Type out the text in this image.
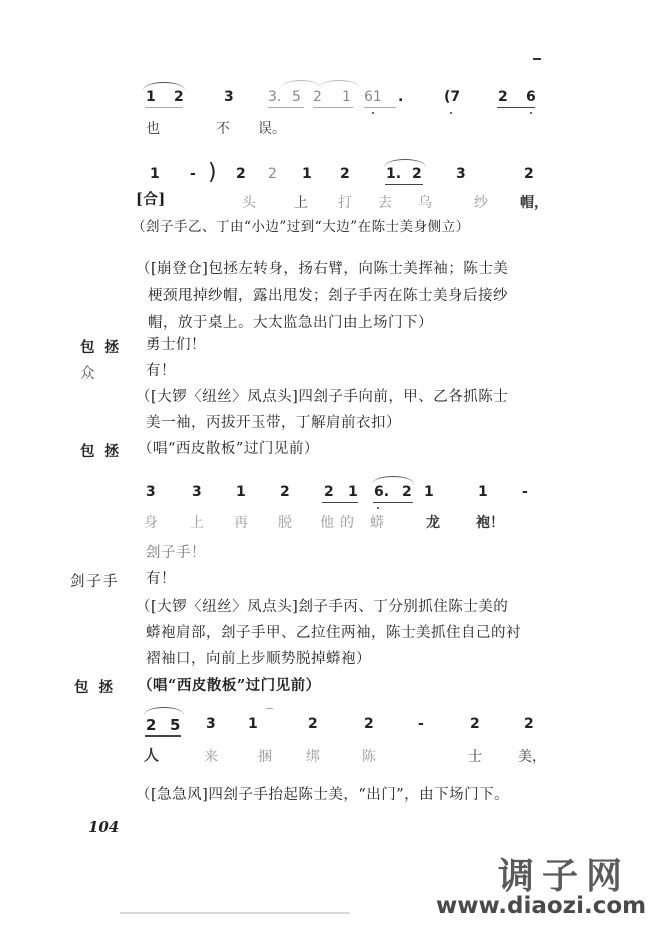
1 2	3 3. 5 2 1 61 .	(7	2 6
也	不 误。
1 - ) 2 2 1 2	1. 2 3	2
[合]	头	上 打 去 乌	纱 帽，
（刽子手乙、丁由“小边”过到“大边”在陈士美身侧立）
（[崩登仓]包拯左转身，扬右臂，向陈士美挥袖；陈士美
梗颈甩掉纱帽，露出甩发；刽子手丙在陈士美身后接纱
帽，放于桌上。大太监急出门由上场门下）
包拯 勇士们！
众	有！
（[大锣〈纽丝〉凤点头]四刽子手向前，甲、乙各抓陈士
美一袖，丙拔开玉带，丁解肩前衣扣）
包拯 （唱“西皮散板”过门见前）
3	3 1 2 2 1 6. 2 1	1 -
身 上 再 脱 他的 蟒	龙	袍！
刽子手！
剑子手 有！
（[大锣〈纽丝〉凤点头]刽子手丙、丁分别抓住陈士美的
蟒袍肩部，刽子手甲、乙拉住两袖，陈士美抓住自己的衬
褶袖口，向前上步顺势脱掉蟒袍）
包拯 （唱“西皮散板”过门见前）
⌒
2 5 3 1	2	2	-	2	2
人	来	捆 绑	陈	士	美，
（[急急风]四刽子手抬起陈士美，“出门”，由下场门下。
104
调子网
www.diaozi.com
